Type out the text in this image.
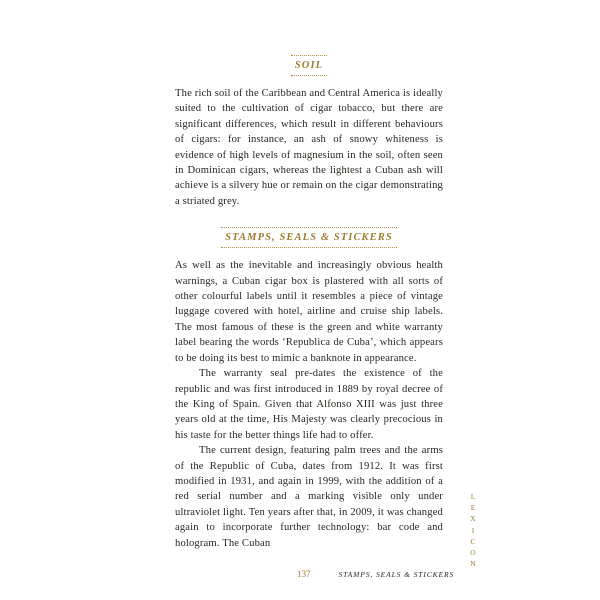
SOIL

The rich soil of the Caribbean and Central America is ideally suited to the cultivation of cigar tobacco, but there are significant differences, which result in different behaviours of cigars: for instance, an ash of snowy whiteness is evidence of high levels of magnesium in the soil, often seen in Dominican cigars, whereas the lightest a Cuban ash will achieve is a silvery hue or remain on the cigar demonstrating a striated grey.

STAMPS, SEALS & STICKERS

As well as the inevitable and increasingly obvious health warnings, a Cuban cigar box is plastered with all sorts of other colourful labels until it resembles a piece of vintage luggage covered with hotel, airline and cruise ship labels. The most famous of these is the green and white warranty label bearing the words ‘Republica de Cuba’, which appears to be doing its best to mimic a banknote in appearance.

The warranty seal pre-dates the existence of the republic and was first introduced in 1889 by royal decree of the King of Spain. Given that Alfonso XIII was just three years old at the time, His Majesty was clearly precocious in his taste for the better things life had to offer.

The current design, featuring palm trees and the arms of the Republic of Cuba, dates from 1912. It was first modified in 1931, and again in 1999, with the addition of a red serial number and a marking visible only under ultraviolet light. Ten years after that, in 2009, it was changed again to incorporate further technology: bar code and hologram. The Cuban

L
E
X
I
C
O
N
137	STAMPS, SEALS & STICKERS
